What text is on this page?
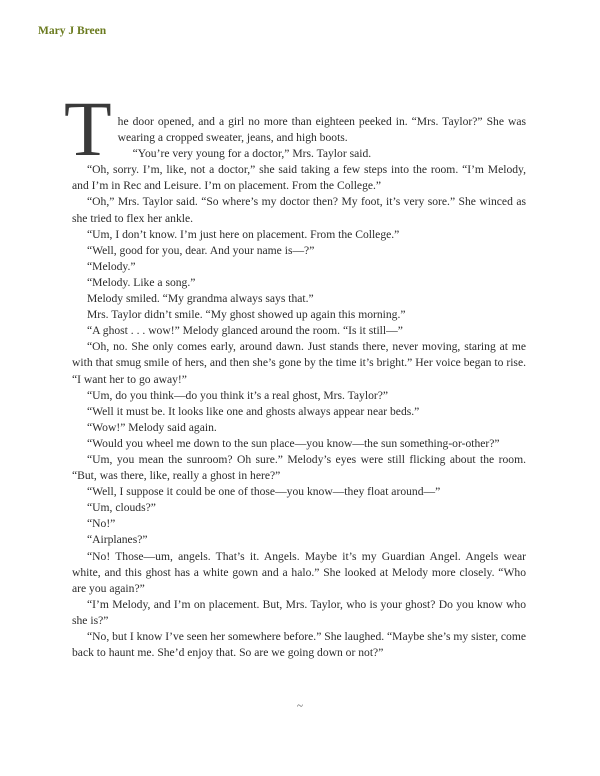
Mary J Breen

The door opened, and a girl no more than eighteen peeked in. “Mrs. Taylor?” She was wearing a cropped sweater, jeans, and high boots.

“You’re very young for a doctor,” Mrs. Taylor said.

“Oh, sorry. I’m, like, not a doctor,” she said taking a few steps into the room. “I’m Melody, and I’m in Rec and Leisure. I’m on placement. From the College.”

“Oh,” Mrs. Taylor said. “So where’s my doctor then? My foot, it’s very sore.” She winced as she tried to flex her ankle.

“Um, I don’t know. I’m just here on placement. From the College.”

“Well, good for you, dear. And your name is—?”

“Melody.”

“Melody. Like a song.”

Melody smiled. “My grandma always says that.”

Mrs. Taylor didn’t smile. “My ghost showed up again this morning.”

“A ghost . . . wow!” Melody glanced around the room. “Is it still—”

“Oh, no. She only comes early, around dawn. Just stands there, never moving, staring at me with that smug smile of hers, and then she’s gone by the time it’s bright.” Her voice began to rise. “I want her to go away!”

“Um, do you think—do you think it’s a real ghost, Mrs. Taylor?”

“Well it must be. It looks like one and ghosts always appear near beds.”

“Wow!” Melody said again.

“Would you wheel me down to the sun place—you know—the sun something-or-other?”

“Um, you mean the sunroom? Oh sure.” Melody’s eyes were still flicking about the room. “But, was there, like, really a ghost in here?”

“Well, I suppose it could be one of those—you know—they float around—”

“Um, clouds?”

“No!”

“Airplanes?”

“No! Those—um, angels. That’s it. Angels. Maybe it’s my Guardian Angel. Angels wear white, and this ghost has a white gown and a halo.” She looked at Melody more closely. “Who are you again?”

“I’m Melody, and I’m on placement. But, Mrs. Taylor, who is your ghost? Do you know who she is?”

“No, but I know I’ve seen her somewhere before.” She laughed. “Maybe she’s my sister, come back to haunt me. She’d enjoy that. So are we going down or not?”

~
